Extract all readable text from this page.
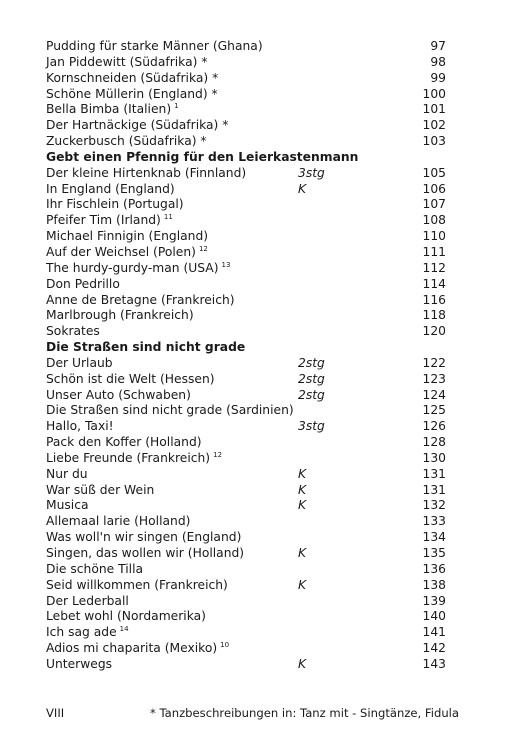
Pudding für starke Männer (Ghana)	97
Jan Piddewitt (Südafrika) *	98
Kornschneiden (Südafrika) *	99
Schöne Müllerin (England) *	100
Bella Bimba (Italien) $^1$	101
Der Hartnäckige (Südafrika) *	102
Zuckerbusch (Südafrika) *	103
Gebt einen Pfennig für den Leierkastenmann
Der kleine Hirtenknab (Finnland)	3stg	105
In England (England)	K	106
Ihr Fischlein (Portugal)	107
Pfeifer Tim (Irland) $^{11}$	108
Michael Finnigin (England)	110
Auf der Weichsel (Polen) $^{12}$	111
The hurdy-gurdy-man (USA) $^{13}$	112
Don Pedrillo	114
Anne de Bretagne (Frankreich)	116
Marlbrough (Frankreich)	118
Sokrates	120
Die Straßen sind nicht grade
Der Urlaub	2stg	122
Schön ist die Welt (Hessen)	2stg	123
Unser Auto (Schwaben)	2stg	124
Die Straßen sind nicht grade (Sardinien)	125
Hallo, Taxi!	3stg	126
Pack den Koffer (Holland)	128
Liebe Freunde (Frankreich) $^{12}$	130
Nur du	K	131
War süß der Wein	K	131
Musica	K	132
Allemaal larie (Holland)	133
Was woll'n wir singen (England)	134
Singen, das wollen wir (Holland)	K	135
Die schöne Tilla	136
Seid willkommen (Frankreich)	K	138
Der Lederball	139
Lebet wohl (Nordamerika)	140
Ich sag ade $^{14}$	141
Adios mi chaparita (Mexiko) $^{10}$	142
Unterwegs	K	143
VIII	* Tanzbeschreibungen in: Tanz mit - Singtänze, Fidula
